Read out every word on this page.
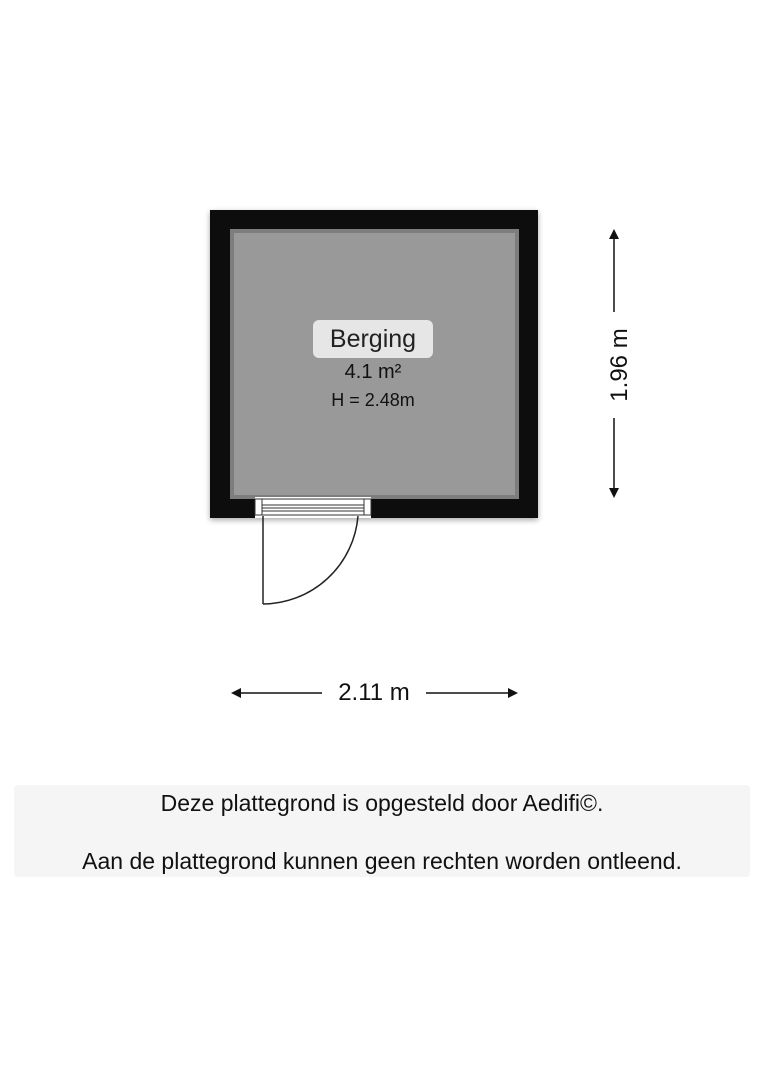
Berging
4.1 m²
H = 2.48m
2.11 m
1.96 m
Deze plattegrond is opgesteld door Aedifi©.
Aan de plattegrond kunnen geen rechten worden ontleend.
